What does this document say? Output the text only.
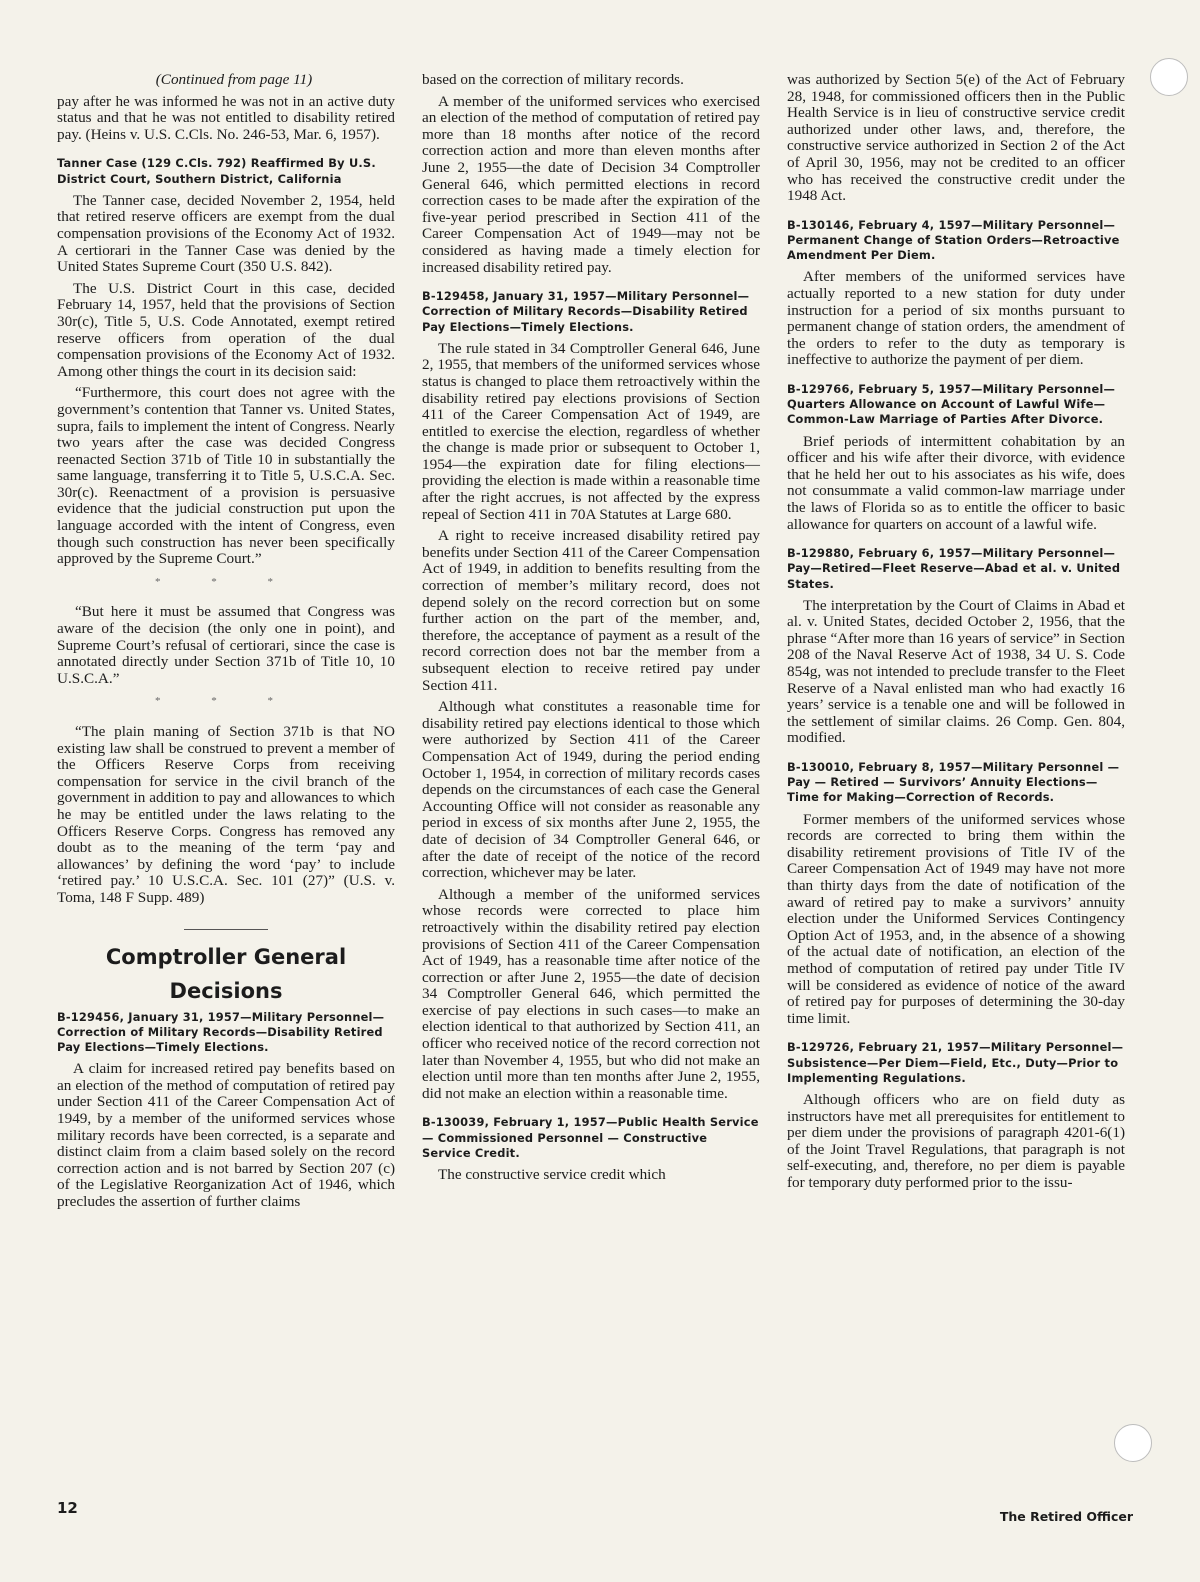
(Continued from page 11)

pay after he was informed he was not in an active duty status and that he was not entitled to disability retired pay. (Heins v. U.S. C.Cls. No. 246-53, Mar. 6, 1957).

Tanner Case (129 C.Cls. 792) Reaffirmed By U.S. District Court, Southern District, California

The Tanner case, decided November 2, 1954, held that retired reserve officers are exempt from the dual compensation provisions of the Economy Act of 1932. A certiorari in the Tanner Case was denied by the United States Supreme Court (350 U.S. 842).

The U.S. District Court in this case, decided February 14, 1957, held that the provisions of Section 30r(c), Title 5, U.S. Code Annotated, exempt retired reserve officers from operation of the dual compensation provisions of the Economy Act of 1932. Among other things the court in its decision said:

“Furthermore, this court does not agree with the government’s contention that Tanner vs. United States, supra, fails to implement the intent of Congress. Nearly two years after the case was decided Congress reenacted Section 371b of Title 10 in substantially the same language, transferring it to Title 5, U.S.C.A. Sec. 30r(c). Reenactment of a provision is persuasive evidence that the judicial construction put upon the language accorded with the intent of Congress, even though such construction has never been specifically approved by the Supreme Court.”

* * *

“But here it must be assumed that Congress was aware of the decision (the only one in point), and Supreme Court’s refusal of certiorari, since the case is annotated directly under Section 371b of Title 10, 10 U.S.C.A.”

* * *

“The plain maning of Section 371b is that NO existing law shall be construed to prevent a member of the Officers Reserve Corps from receiving compensation for service in the civil branch of the government in addition to pay and allowances to which he may be entitled under the laws relating to the Officers Reserve Corps. Congress has removed any doubt as to the meaning of the term ‘pay and allowances’ by defining the word ‘pay’ to include ‘retired pay.’ 10 U.S.C.A. Sec. 101 (27)” (U.S. v. Toma, 148 F Supp. 489)

Comptroller General
Decisions
B-129456, January 31, 1957—Military Personnel—Correction of Military Records—Disability Retired Pay Elections—Timely Elections.

A claim for increased retired pay benefits based on an election of the method of computation of retired pay under Section 411 of the Career Compensation Act of 1949, by a member of the uniformed services whose military records have been corrected, is a separate and distinct claim from a claim based solely on the record correction action and is not barred by Section 207 (c) of the Legislative Reorganization Act of 1946, which precludes the assertion of further claims

based on the correction of military records.

A member of the uniformed services who exercised an election of the method of computation of retired pay more than 18 months after notice of the record correction action and more than eleven months after June 2, 1955—the date of Decision 34 Comptroller General 646, which permitted elections in record correction cases to be made after the expiration of the five-year period prescribed in Section 411 of the Career Compensation Act of 1949—may not be considered as having made a timely election for increased disability retired pay.

B-129458, January 31, 1957—Military Personnel—Correction of Military Records—Disability Retired Pay Elections—Timely Elections.

The rule stated in 34 Comptroller General 646, June 2, 1955, that members of the uniformed services whose status is changed to place them retroactively within the disability retired pay elections provisions of Section 411 of the Career Compensation Act of 1949, are entitled to exercise the election, regardless of whether the change is made prior or subsequent to October 1, 1954—the expiration date for filing elections—providing the election is made within a reasonable time after the right accrues, is not affected by the express repeal of Section 411 in 70A Statutes at Large 680.

A right to receive increased disability retired pay benefits under Section 411 of the Career Compensation Act of 1949, in addition to benefits resulting from the correction of member’s military record, does not depend solely on the record correction but on some further action on the part of the member, and, therefore, the acceptance of payment as a result of the record correction does not bar the member from a subsequent election to receive retired pay under Section 411.

Although what constitutes a reasonable time for disability retired pay elections identical to those which were authorized by Section 411 of the Career Compensation Act of 1949, during the period ending October 1, 1954, in correction of military records cases depends on the circumstances of each case the General Accounting Office will not consider as reasonable any period in excess of six months after June 2, 1955, the date of decision of 34 Comptroller General 646, or after the date of receipt of the notice of the record correction, whichever may be later.

Although a member of the uniformed services whose records were corrected to place him retroactively within the disability retired pay election provisions of Section 411 of the Career Compensation Act of 1949, has a reasonable time after notice of the correction or after June 2, 1955—the date of decision 34 Comptroller General 646, which permitted the exercise of pay elections in such cases—to make an election identical to that authorized by Section 411, an officer who received notice of the record correction not later than November 4, 1955, but who did not make an election until more than ten months after June 2, 1955, did not make an election within a reasonable time.

B-130039, February 1, 1957—Public Health Service — Commissioned Personnel — Constructive Service Credit.

The constructive service credit which

was authorized by Section 5(e) of the Act of February 28, 1948, for commissioned officers then in the Public Health Service is in lieu of constructive service credit authorized under other laws, and, therefore, the constructive service authorized in Section 2 of the Act of April 30, 1956, may not be credited to an officer who has received the constructive credit under the 1948 Act.

B-130146, February 4, 1597—Military Personnel—Permanent Change of Station Orders—Retroactive Amendment Per Diem.

After members of the uniformed services have actually reported to a new station for duty under instruction for a period of six months pursuant to permanent change of station orders, the amendment of the orders to refer to the duty as temporary is ineffective to authorize the payment of per diem.

B-129766, February 5, 1957—Military Personnel—Quarters Allowance on Account of Lawful Wife—Common-Law Marriage of Parties After Divorce.

Brief periods of intermittent cohabitation by an officer and his wife after their divorce, with evidence that he held her out to his associates as his wife, does not consummate a valid common-law marriage under the laws of Florida so as to entitle the officer to basic allowance for quarters on account of a lawful wife.

B-129880, February 6, 1957—Military Personnel—Pay—Retired—Fleet Reserve—Abad et al. v. United States.

The interpretation by the Court of Claims in Abad et al. v. United States, decided October 2, 1956, that the phrase “After more than 16 years of service” in Section 208 of the Naval Reserve Act of 1938, 34 U. S. Code 854g, was not intended to preclude transfer to the Fleet Reserve of a Naval enlisted man who had exactly 16 years’ service is a tenable one and will be followed in the settlement of similar claims. 26 Comp. Gen. 804, modified.

B-130010, February 8, 1957—Military Personnel — Pay — Retired — Survivors’ Annuity Elections—Time for Making—Correction of Records.

Former members of the uniformed services whose records are corrected to bring them within the disability retirement provisions of Title IV of the Career Compensation Act of 1949 may have not more than thirty days from the date of notification of the award of retired pay to make a survivors’ annuity election under the Uniformed Services Contingency Option Act of 1953, and, in the absence of a showing of the actual date of notification, an election of the method of computation of retired pay under Title IV will be considered as evidence of notice of the award of retired pay for purposes of determining the 30-day time limit.

B-129726, February 21, 1957—Military Personnel—Subsistence—Per Diem—Field, Etc., Duty—Prior to Implementing Regulations.

Although officers who are on field duty as instructors have met all prerequisites for entitlement to per diem under the provisions of paragraph 4201-6(1) of the Joint Travel Regulations, that paragraph is not self-executing, and, therefore, no per diem is payable for temporary duty performed prior to the issu-

12	The Retired Officer
